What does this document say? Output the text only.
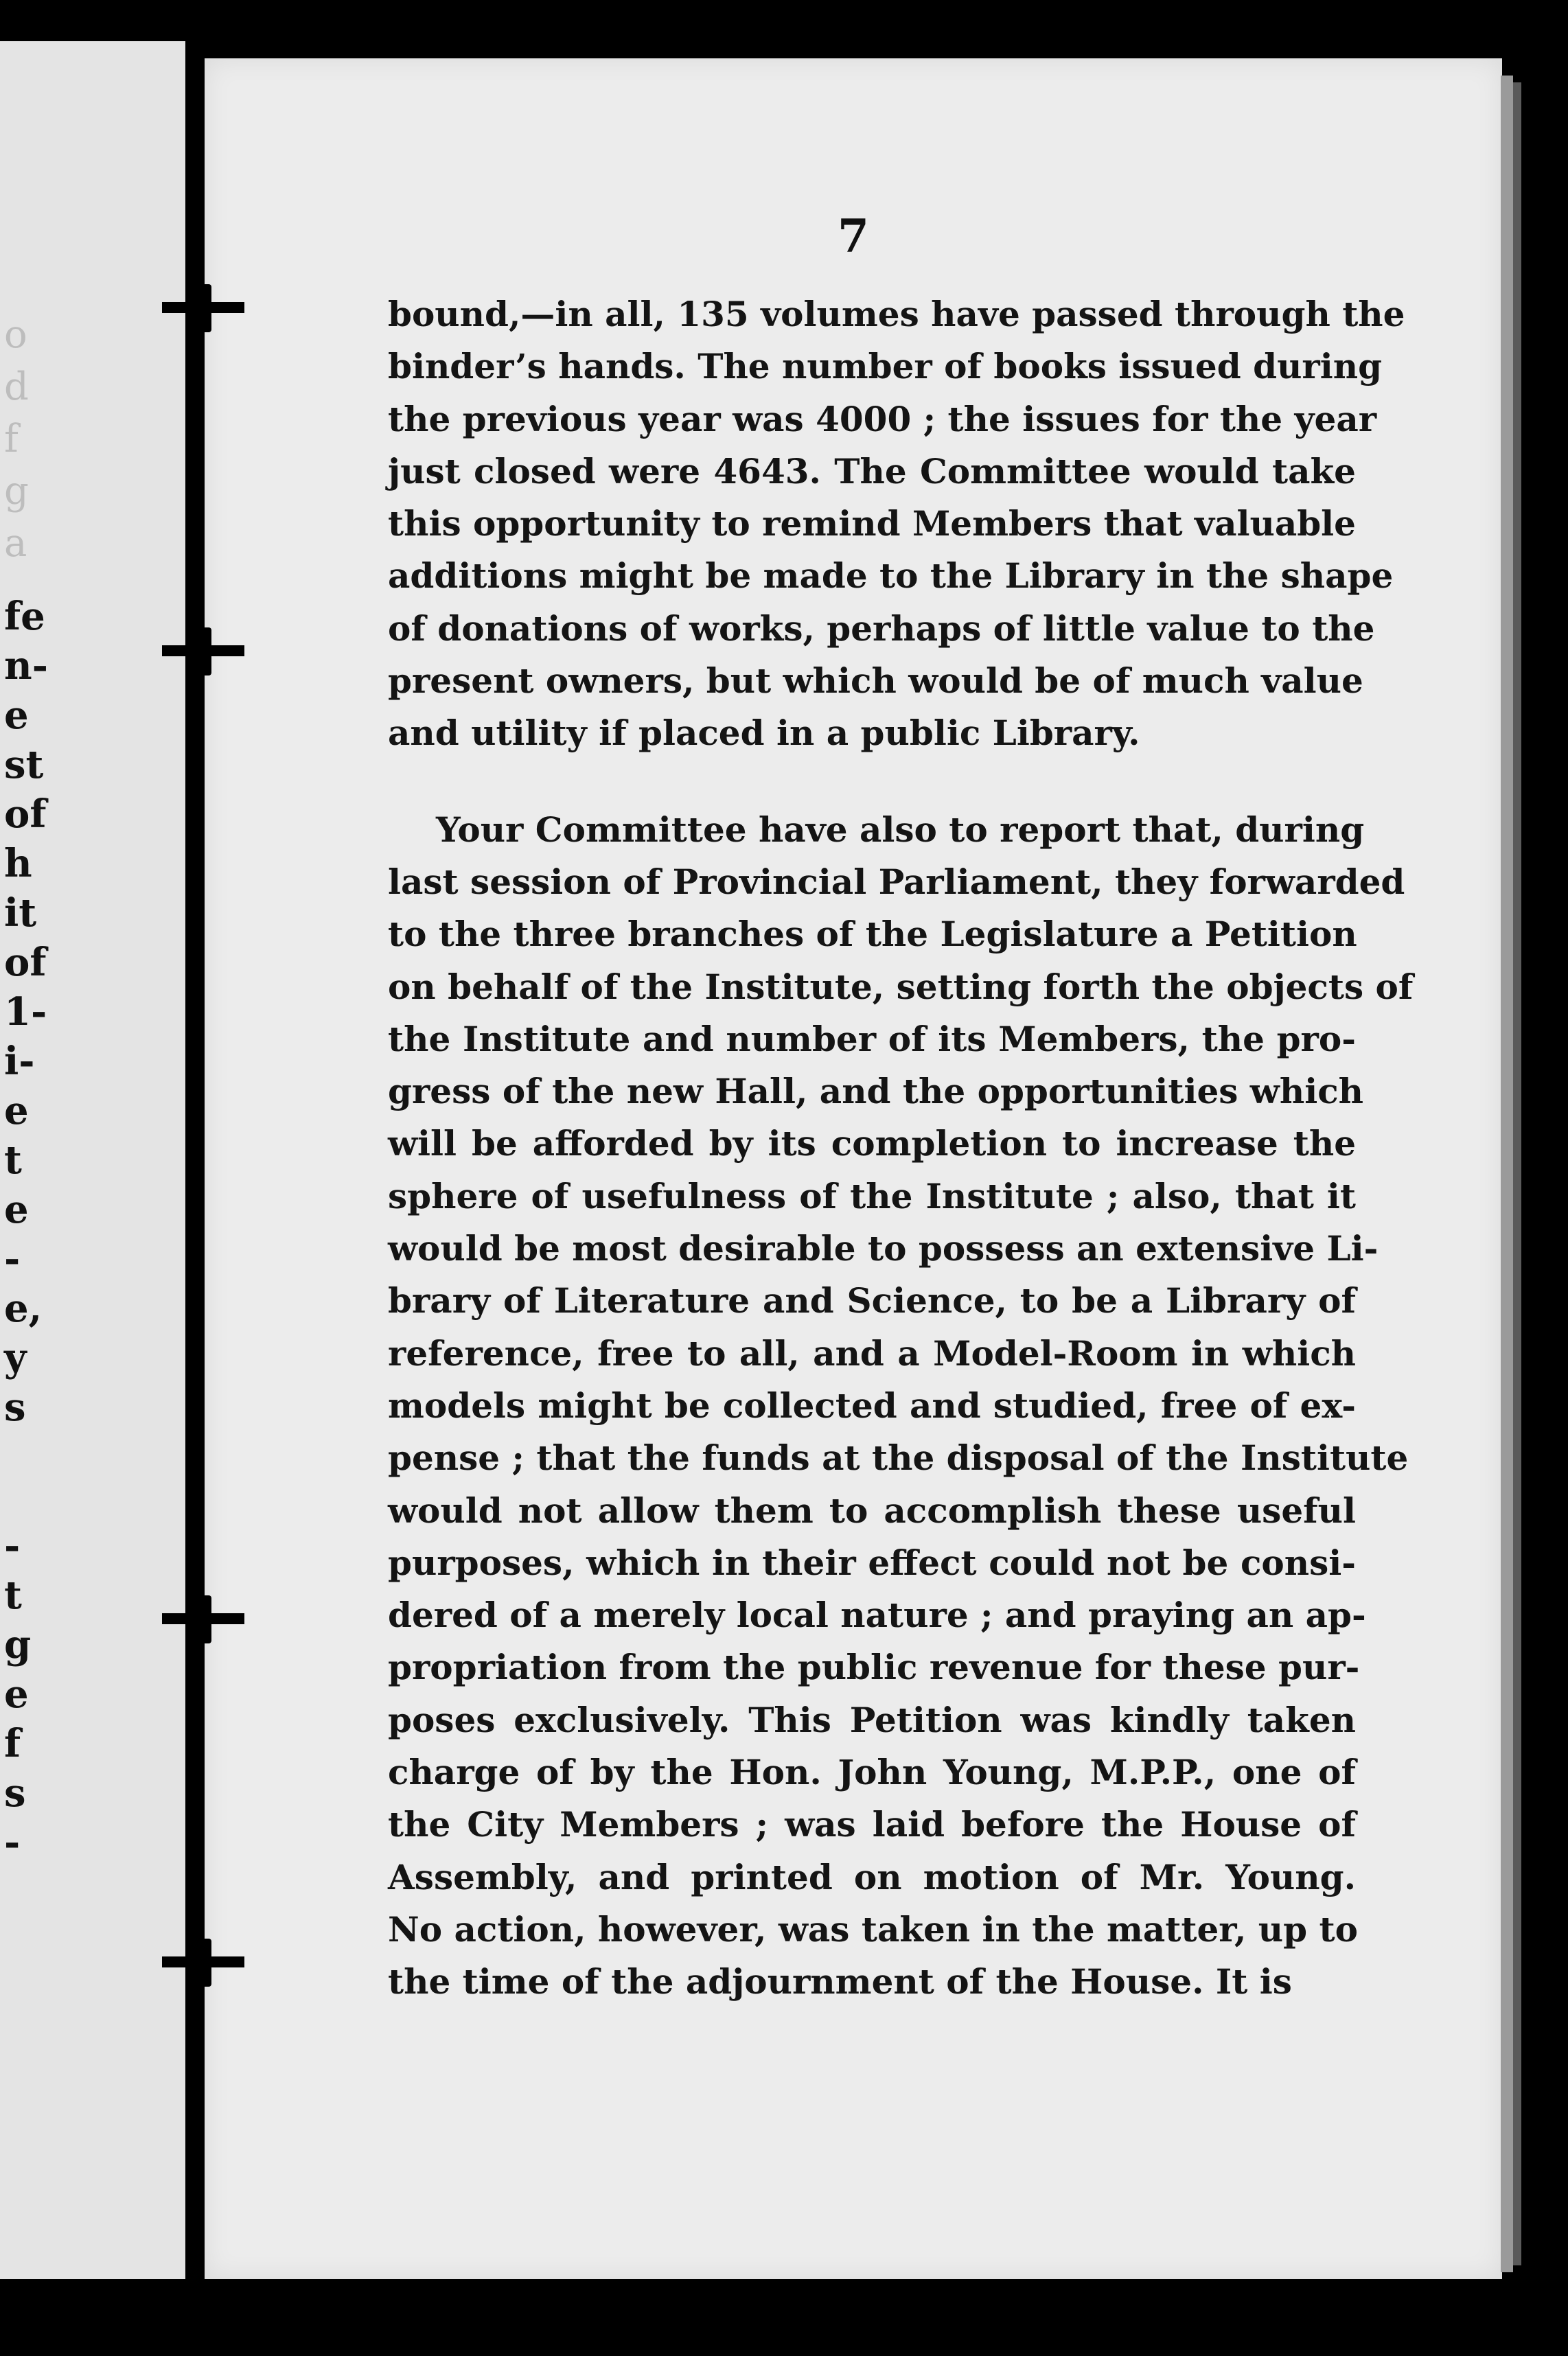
fe
n-
e
st
of
h
it
of
1-
i-
e
t
e
-
e,
y
s
-
t
g
e
f
s
-
o
d
f
g
a
7
bound,—in all, 135 volumes have passed through the
binder’s hands. The number of books issued during
the previous year was 4000 ; the issues for the year
just closed were 4643. The Committee would take
this opportunity to remind Members that valuable
additions might be made to the Library in the shape
of donations of works, perhaps of little value to the
present owners, but which would be of much value
and utility if placed in a public Library.
Your Committee have also to report that, during
last session of Provincial Parliament, they forwarded
to the three branches of the Legislature a Petition
on behalf of the Institute, setting forth the objects of
the Institute and number of its Members, the pro-
gress of the new Hall, and the opportunities which
will be afforded by its completion to increase the
sphere of usefulness of the Institute ; also, that it
would be most desirable to possess an extensive Li-
brary of Literature and Science, to be a Library of
reference, free to all, and a Model-Room in which
models might be collected and studied, free of ex-
pense ; that the funds at the disposal of the Institute
would not allow them to accomplish these useful
purposes, which in their effect could not be consi-
dered of a merely local nature ; and praying an ap-
propriation from the public revenue for these pur-
poses exclusively. This Petition was kindly taken
charge of by the Hon. John Young, M.P.P., one of
the City Members ; was laid before the House of
Assembly, and printed on motion of Mr. Young.
No action, however, was taken in the matter, up to
the time of the adjournment of the House. It is
